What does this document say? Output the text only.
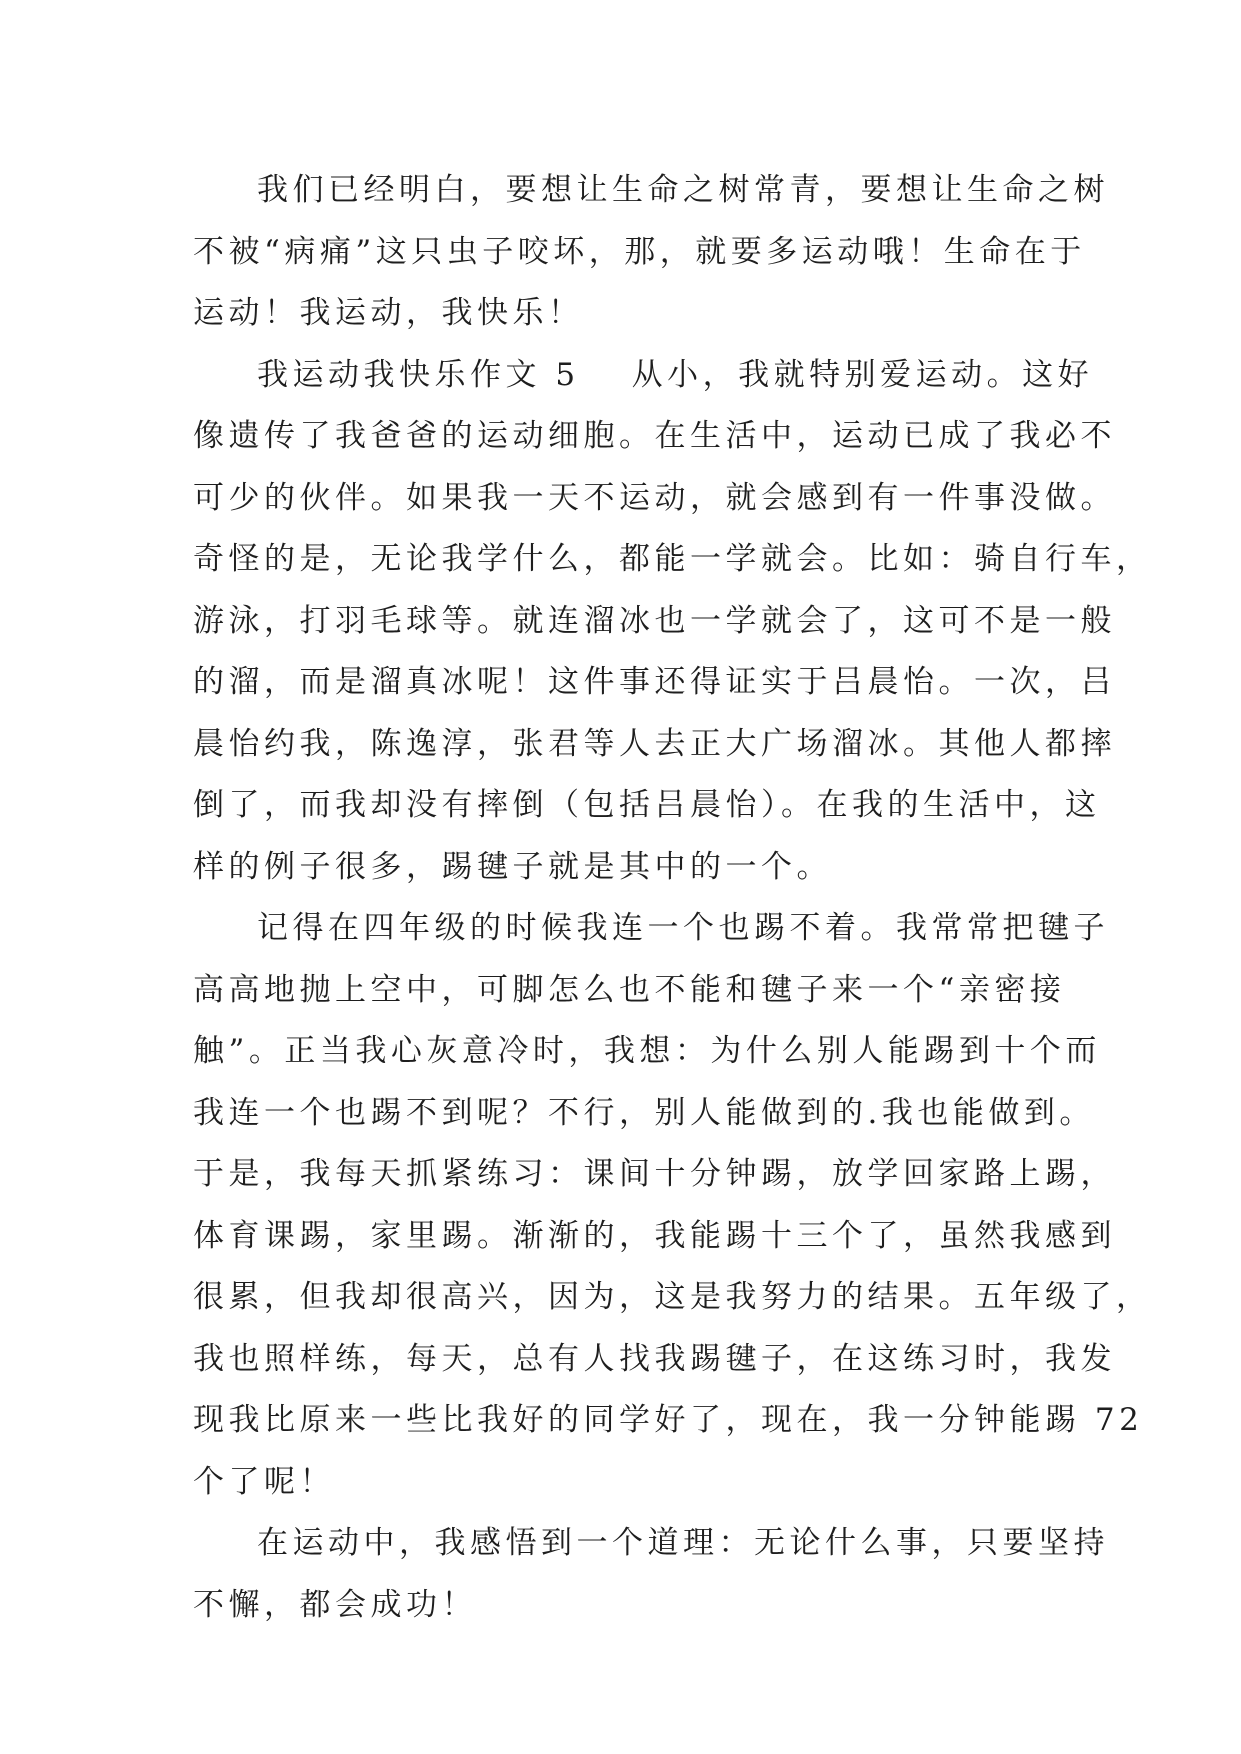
我们已经明白，要想让生命之树常青，要想让生命之树
不被“病痛”这只虫子咬坏，那，就要多运动哦！生命在于
运动！我运动，我快乐！
我运动我快乐作文 5 从小，我就特别爱运动。这好
像遗传了我爸爸的运动细胞。在生活中，运动已成了我必不
可少的伙伴。如果我一天不运动，就会感到有一件事没做。
奇怪的是，无论我学什么，都能一学就会。比如：骑自行车，
游泳，打羽毛球等。就连溜冰也一学就会了，这可不是一般
的溜，而是溜真冰呢！这件事还得证实于吕晨怡。一次，吕
晨怡约我，陈逸淳，张君等人去正大广场溜冰。其他人都摔
倒了，而我却没有摔倒（包括吕晨怡）。在我的生活中，这
样的例子很多，踢毽子就是其中的一个。
记得在四年级的时候我连一个也踢不着。我常常把毽子
高高地抛上空中，可脚怎么也不能和毽子来一个“亲密接
触”。正当我心灰意冷时，我想：为什么别人能踢到十个而
我连一个也踢不到呢？不行，别人能做到的.我也能做到。
于是，我每天抓紧练习：课间十分钟踢，放学回家路上踢，
体育课踢，家里踢。渐渐的，我能踢十三个了，虽然我感到
很累，但我却很高兴，因为，这是我努力的结果。五年级了，
我也照样练，每天，总有人找我踢毽子，在这练习时，我发
现我比原来一些比我好的同学好了，现在，我一分钟能踢 72
个了呢！
在运动中，我感悟到一个道理：无论什么事，只要坚持
不懈，都会成功！
